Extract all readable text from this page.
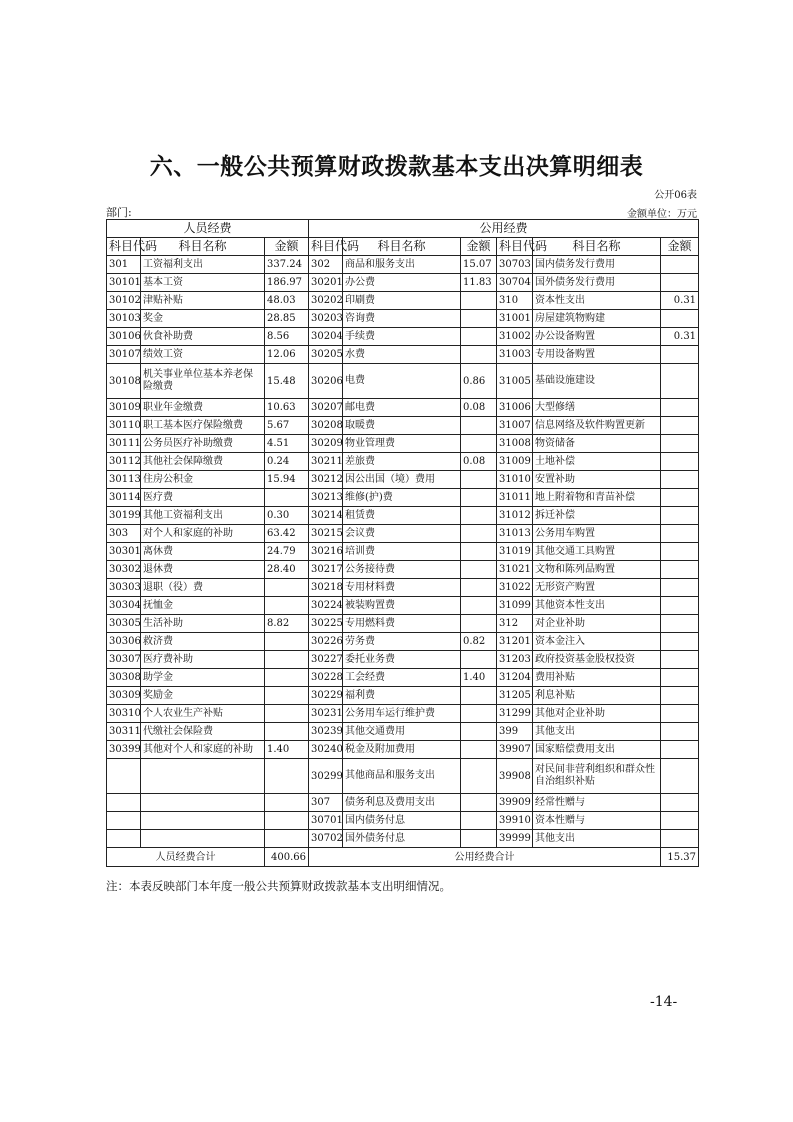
六、一般公共预算财政拨款基本支出决算明细表
公开06表
部门:	金额单位：万元
人员经费			公用经费					
科目代码	科目名称	金额	科目代码	科目名称	金额	科目代码	科目名称	金额
301	工资福利支出	337.24	302	商品和服务支出	15.07	30703	国内债务发行费用	
30101	基本工资	186.97	30201	办公费	11.83	30704	国外债务发行费用	
30102	津贴补贴	48.03	30202	印刷费		310	资本性支出	0.31
30103	奖金	28.85	30203	咨询费		31001	房屋建筑物购建	
30106	伙食补助费	8.56	30204	手续费		31002	办公设备购置	0.31
30107	绩效工资	12.06	30205	水费		31003	专用设备购置	
30108	机关事业单位基本养老保险缴费	15.48	30206	电费	0.86	31005	基础设施建设	
30109	职业年金缴费	10.63	30207	邮电费	0.08	31006	大型修缮	
30110	职工基本医疗保险缴费	5.67	30208	取暖费		31007	信息网络及软件购置更新	
30111	公务员医疗补助缴费	4.51	30209	物业管理费		31008	物资储备	
30112	其他社会保障缴费	0.24	30211	差旅费	0.08	31009	土地补偿	
30113	住房公积金	15.94	30212	因公出国（境）费用		31010	安置补助	
30114	医疗费		30213	维修(护)费		31011	地上附着物和青苗补偿	
30199	其他工资福利支出	0.30	30214	租赁费		31012	拆迁补偿	
303	对个人和家庭的补助	63.42	30215	会议费		31013	公务用车购置	
30301	离休费	24.79	30216	培训费		31019	其他交通工具购置	
30302	退休费	28.40	30217	公务接待费		31021	文物和陈列品购置	
30303	退职（役）费		30218	专用材料费		31022	无形资产购置	
30304	抚恤金		30224	被装购置费		31099	其他资本性支出	
30305	生活补助	8.82	30225	专用燃料费		312	对企业补助	
30306	救济费		30226	劳务费	0.82	31201	资本金注入	
30307	医疗费补助		30227	委托业务费		31203	政府投资基金股权投资	
30308	助学金		30228	工会经费	1.40	31204	费用补贴	
30309	奖励金		30229	福利费		31205	利息补贴	
30310	个人农业生产补贴		30231	公务用车运行维护费		31299	其他对企业补助	
30311	代缴社会保险费		30239	其他交通费用		399	其他支出	
30399	其他对个人和家庭的补助	1.40	30240	税金及附加费用		39907	国家赔偿费用支出	
			30299	其他商品和服务支出		39908	对民间非营利组织和群众性自治组织补贴	
			307	债务利息及费用支出		39909	经常性赠与	
			30701	国内债务付息		39910	资本性赠与	
			30702	国外债务付息		39999	其他支出	
人员经费合计		400.66	公用经费合计					15.37
注：本表反映部门本年度一般公共预算财政拨款基本支出明细情况。
-14-
